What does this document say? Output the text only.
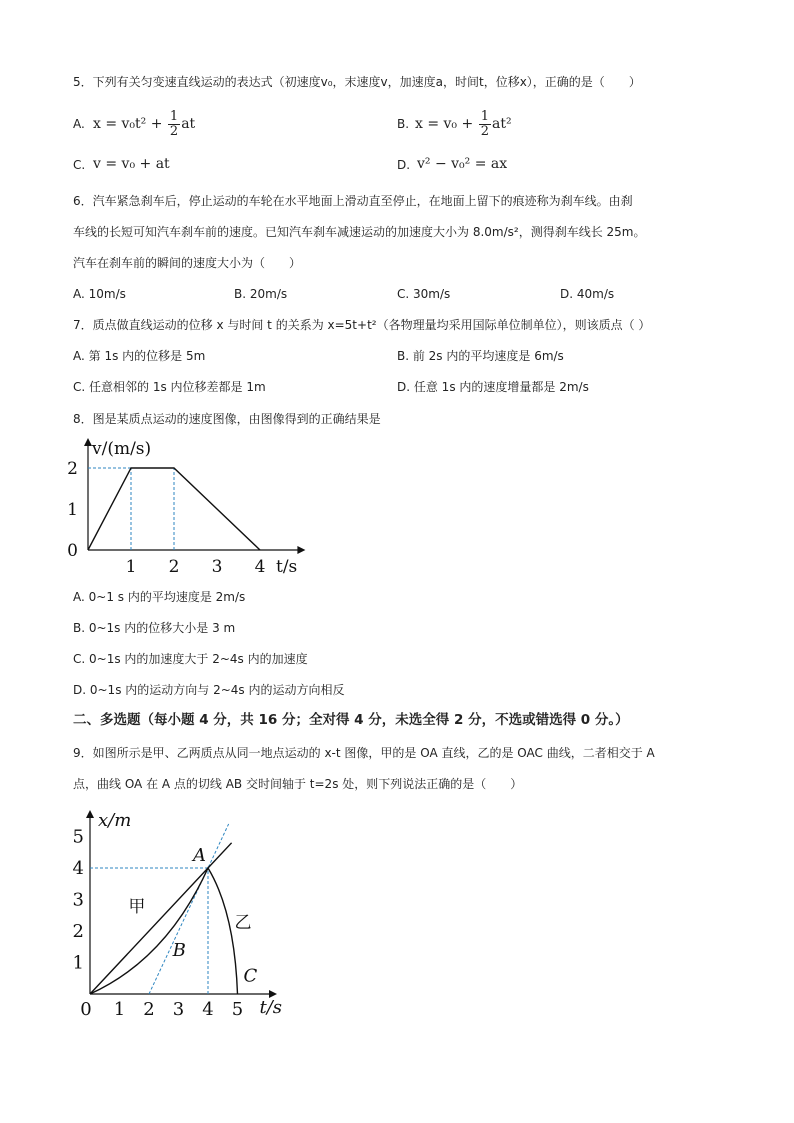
5．下列有关匀变速直线运动的表达式（初速度v₀，末速度v，加速度a，时间t，位移x），正确的是（　　）
A. $x = v_0t^2 + \frac{1}{2}$ at	B. $x = v_0 + \frac{1}{2} at^2$
C. v = v₀ + at	D. v² − v₀² = ax
6．汽车紧急刹车后，停止运动的车轮在水平地面上滑动直至停止，在地面上留下的痕迹称为刹车线。由刹
车线的长短可知汽车刹车前的速度。已知汽车刹车减速运动的加速度大小为 8.0m/s²，测得刹车线长 25m。
汽车在刹车前的瞬间的速度大小为（　　）
A. 10m/s	B. 20m/s	C. 30m/s	D. 40m/s
7．质点做直线运动的位移 x 与时间 t 的关系为 x=5t+t²（各物理量均采用国际单位制单位），则该质点（ ）
A. 第 1s 内的位移是 5m	B. 前 2s 内的平均速度是 6m/s
C. 任意相邻的 1s 内位移差都是 1m	D. 任意 1s 内的速度增量都是 2m/s
8．图是某质点运动的速度图像，由图像得到的正确结果是
0
1
2
1 2 3 4
v/(m/s)
t/s
A. 0~1 s 内的平均速度是 2m/s
B. 0~1s 内的位移大小是 3 m
C. 0~1s 内的加速度大于 2~4s 内的加速度
D. 0~1s 内的运动方向与 2~4s 内的运动方向相反
二、多选题（每小题 4 分，共 16 分；全对得 4 分，未选全得 2 分，不选或错选得 0 分。）
9．如图所示是甲、乙两质点从同一地点运动的 x-t 图像，甲的是 OA 直线，乙的是 OAC 曲线，二者相交于 A
点，曲线 OA 在 A 点的切线 AB 交时间轴于 t=2s 处，则下列说法正确的是（　　）
1
2
3
4
5
0 1 2 3 4 5
x/m
t/s
A
B
C
甲
乙
